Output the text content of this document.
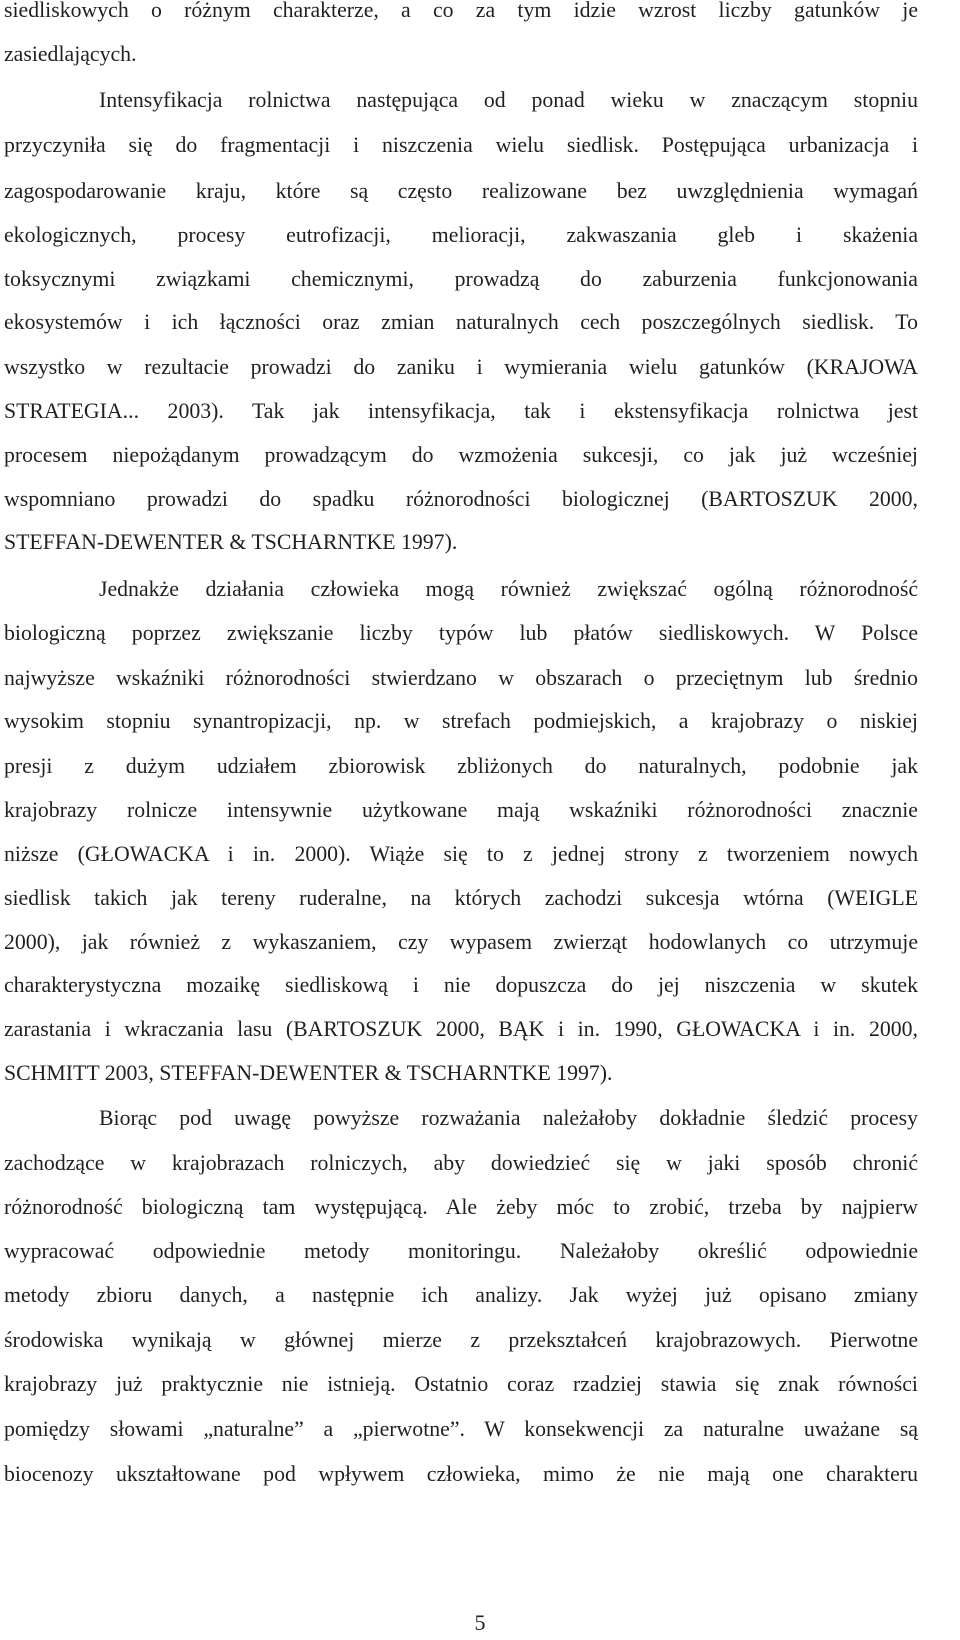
siedliskowych o różnym charakterze, a co za tym idzie wzrost liczby gatunków je
zasiedlających.
Intensyfikacja rolnictwa następująca od ponad wieku w znaczącym stopniu
przyczyniła się do fragmentacji i niszczenia wielu siedlisk. Postępująca urbanizacja i
zagospodarowanie kraju, które są często realizowane bez uwzględnienia wymagań
ekologicznych, procesy eutrofizacji, melioracji, zakwaszania gleb i skażenia
toksycznymi związkami chemicznymi, prowadzą do zaburzenia funkcjonowania
ekosystemów i ich łączności oraz zmian naturalnych cech poszczególnych siedlisk. To
wszystko w rezultacie prowadzi do zaniku i wymierania wielu gatunków (KRAJOWA
STRATEGIA... 2003). Tak jak intensyfikacja, tak i ekstensyfikacja rolnictwa jest
procesem niepożądanym prowadzącym do wzmożenia sukcesji, co jak już wcześniej
wspomniano prowadzi do spadku różnorodności biologicznej (BARTOSZUK 2000,
STEFFAN-DEWENTER & TSCHARNTKE 1997).
Jednakże działania człowieka mogą również zwiększać ogólną różnorodność
biologiczną poprzez zwiększanie liczby typów lub płatów siedliskowych. W Polsce
najwyższe wskaźniki różnorodności stwierdzano w obszarach o przeciętnym lub średnio
wysokim stopniu synantropizacji, np. w strefach podmiejskich, a krajobrazy o niskiej
presji z dużym udziałem zbiorowisk zbliżonych do naturalnych, podobnie jak
krajobrazy rolnicze intensywnie użytkowane mają wskaźniki różnorodności znacznie
niższe (GŁOWACKA i in. 2000). Wiąże się to z jednej strony z tworzeniem nowych
siedlisk takich jak tereny ruderalne, na których zachodzi sukcesja wtórna (WEIGLE
2000), jak również z wykaszaniem, czy wypasem zwierząt hodowlanych co utrzymuje
charakterystyczna mozaikę siedliskową i nie dopuszcza do jej niszczenia w skutek
zarastania i wkraczania lasu (BARTOSZUK 2000, BĄK i in. 1990, GŁOWACKA i in. 2000,
SCHMITT 2003, STEFFAN-DEWENTER & TSCHARNTKE 1997).
Biorąc pod uwagę powyższe rozważania należałoby dokładnie śledzić procesy
zachodzące w krajobrazach rolniczych, aby dowiedzieć się w jaki sposób chronić
różnorodność biologiczną tam występującą. Ale żeby móc to zrobić, trzeba by najpierw
wypracować odpowiednie metody monitoringu. Należałoby określić odpowiednie
metody zbioru danych, a następnie ich analizy. Jak wyżej już opisano zmiany
środowiska wynikają w głównej mierze z przekształceń krajobrazowych. Pierwotne
krajobrazy już praktycznie nie istnieją. Ostatnio coraz rzadziej stawia się znak równości
pomiędzy słowami „naturalne” a „pierwotne”. W konsekwencji za naturalne uważane są
biocenozy ukształtowane pod wpływem człowieka, mimo że nie mają one charakteru
5
